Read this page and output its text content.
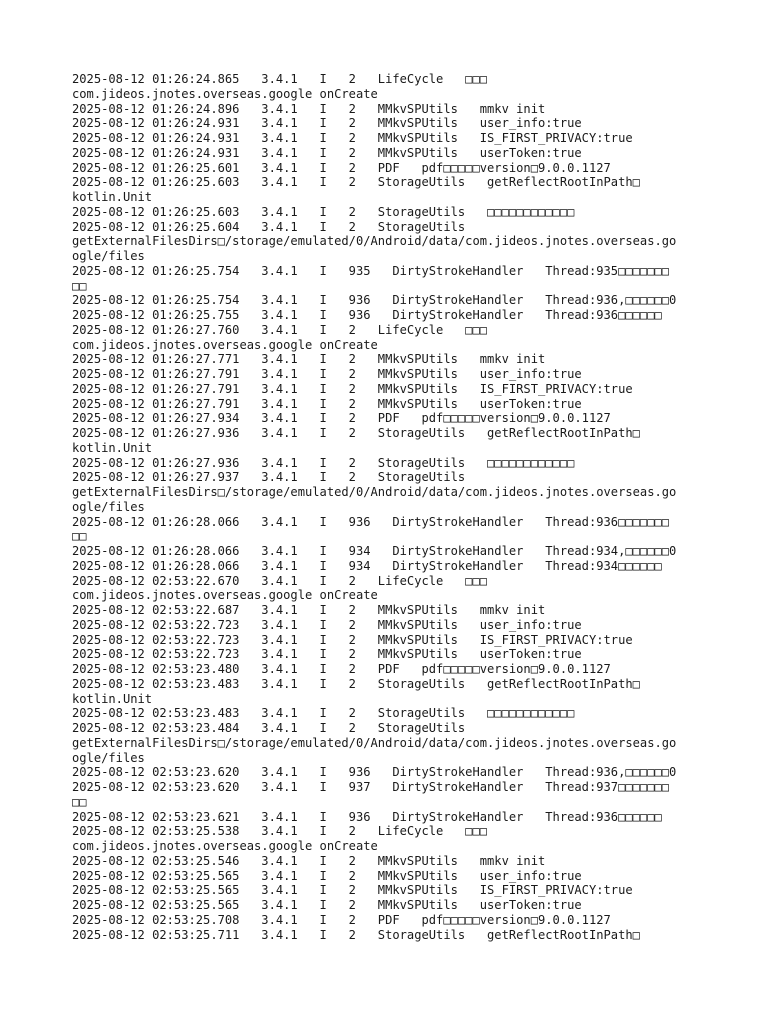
2025-08-12 01:26:24.865   3.4.1   I   2   LifeCycle   □□□
com.jideos.jnotes.overseas.google onCreate
2025-08-12 01:26:24.896   3.4.1   I   2   MMkvSPUtils   mmkv init
2025-08-12 01:26:24.931   3.4.1   I   2   MMkvSPUtils   user_info:true
2025-08-12 01:26:24.931   3.4.1   I   2   MMkvSPUtils   IS_FIRST_PRIVACY:true
2025-08-12 01:26:24.931   3.4.1   I   2   MMkvSPUtils   userToken:true
2025-08-12 01:26:25.601   3.4.1   I   2   PDF   pdf□□□□□version□9.0.0.1127
2025-08-12 01:26:25.603   3.4.1   I   2   StorageUtils   getReflectRootInPath□
kotlin.Unit
2025-08-12 01:26:25.603   3.4.1   I   2   StorageUtils   □□□□□□□□□□□□
2025-08-12 01:26:25.604   3.4.1   I   2   StorageUtils
getExternalFilesDirs□/storage/emulated/0/Android/data/com.jideos.jnotes.overseas.go
ogle/files
2025-08-12 01:26:25.754   3.4.1   I   935   DirtyStrokeHandler   Thread:935□□□□□□□
□□
2025-08-12 01:26:25.754   3.4.1   I   936   DirtyStrokeHandler   Thread:936,□□□□□□0
2025-08-12 01:26:25.755   3.4.1   I   936   DirtyStrokeHandler   Thread:936□□□□□□
2025-08-12 01:26:27.760   3.4.1   I   2   LifeCycle   □□□
com.jideos.jnotes.overseas.google onCreate
2025-08-12 01:26:27.771   3.4.1   I   2   MMkvSPUtils   mmkv init
2025-08-12 01:26:27.791   3.4.1   I   2   MMkvSPUtils   user_info:true
2025-08-12 01:26:27.791   3.4.1   I   2   MMkvSPUtils   IS_FIRST_PRIVACY:true
2025-08-12 01:26:27.791   3.4.1   I   2   MMkvSPUtils   userToken:true
2025-08-12 01:26:27.934   3.4.1   I   2   PDF   pdf□□□□□version□9.0.0.1127
2025-08-12 01:26:27.936   3.4.1   I   2   StorageUtils   getReflectRootInPath□
kotlin.Unit
2025-08-12 01:26:27.936   3.4.1   I   2   StorageUtils   □□□□□□□□□□□□
2025-08-12 01:26:27.937   3.4.1   I   2   StorageUtils
getExternalFilesDirs□/storage/emulated/0/Android/data/com.jideos.jnotes.overseas.go
ogle/files
2025-08-12 01:26:28.066   3.4.1   I   936   DirtyStrokeHandler   Thread:936□□□□□□□
□□
2025-08-12 01:26:28.066   3.4.1   I   934   DirtyStrokeHandler   Thread:934,□□□□□□0
2025-08-12 01:26:28.066   3.4.1   I   934   DirtyStrokeHandler   Thread:934□□□□□□
2025-08-12 02:53:22.670   3.4.1   I   2   LifeCycle   □□□
com.jideos.jnotes.overseas.google onCreate
2025-08-12 02:53:22.687   3.4.1   I   2   MMkvSPUtils   mmkv init
2025-08-12 02:53:22.723   3.4.1   I   2   MMkvSPUtils   user_info:true
2025-08-12 02:53:22.723   3.4.1   I   2   MMkvSPUtils   IS_FIRST_PRIVACY:true
2025-08-12 02:53:22.723   3.4.1   I   2   MMkvSPUtils   userToken:true
2025-08-12 02:53:23.480   3.4.1   I   2   PDF   pdf□□□□□version□9.0.0.1127
2025-08-12 02:53:23.483   3.4.1   I   2   StorageUtils   getReflectRootInPath□
kotlin.Unit
2025-08-12 02:53:23.483   3.4.1   I   2   StorageUtils   □□□□□□□□□□□□
2025-08-12 02:53:23.484   3.4.1   I   2   StorageUtils
getExternalFilesDirs□/storage/emulated/0/Android/data/com.jideos.jnotes.overseas.go
ogle/files
2025-08-12 02:53:23.620   3.4.1   I   936   DirtyStrokeHandler   Thread:936,□□□□□□0
2025-08-12 02:53:23.620   3.4.1   I   937   DirtyStrokeHandler   Thread:937□□□□□□□
□□
2025-08-12 02:53:23.621   3.4.1   I   936   DirtyStrokeHandler   Thread:936□□□□□□
2025-08-12 02:53:25.538   3.4.1   I   2   LifeCycle   □□□
com.jideos.jnotes.overseas.google onCreate
2025-08-12 02:53:25.546   3.4.1   I   2   MMkvSPUtils   mmkv init
2025-08-12 02:53:25.565   3.4.1   I   2   MMkvSPUtils   user_info:true
2025-08-12 02:53:25.565   3.4.1   I   2   MMkvSPUtils   IS_FIRST_PRIVACY:true
2025-08-12 02:53:25.565   3.4.1   I   2   MMkvSPUtils   userToken:true
2025-08-12 02:53:25.708   3.4.1   I   2   PDF   pdf□□□□□version□9.0.0.1127
2025-08-12 02:53:25.711   3.4.1   I   2   StorageUtils   getReflectRootInPath□
